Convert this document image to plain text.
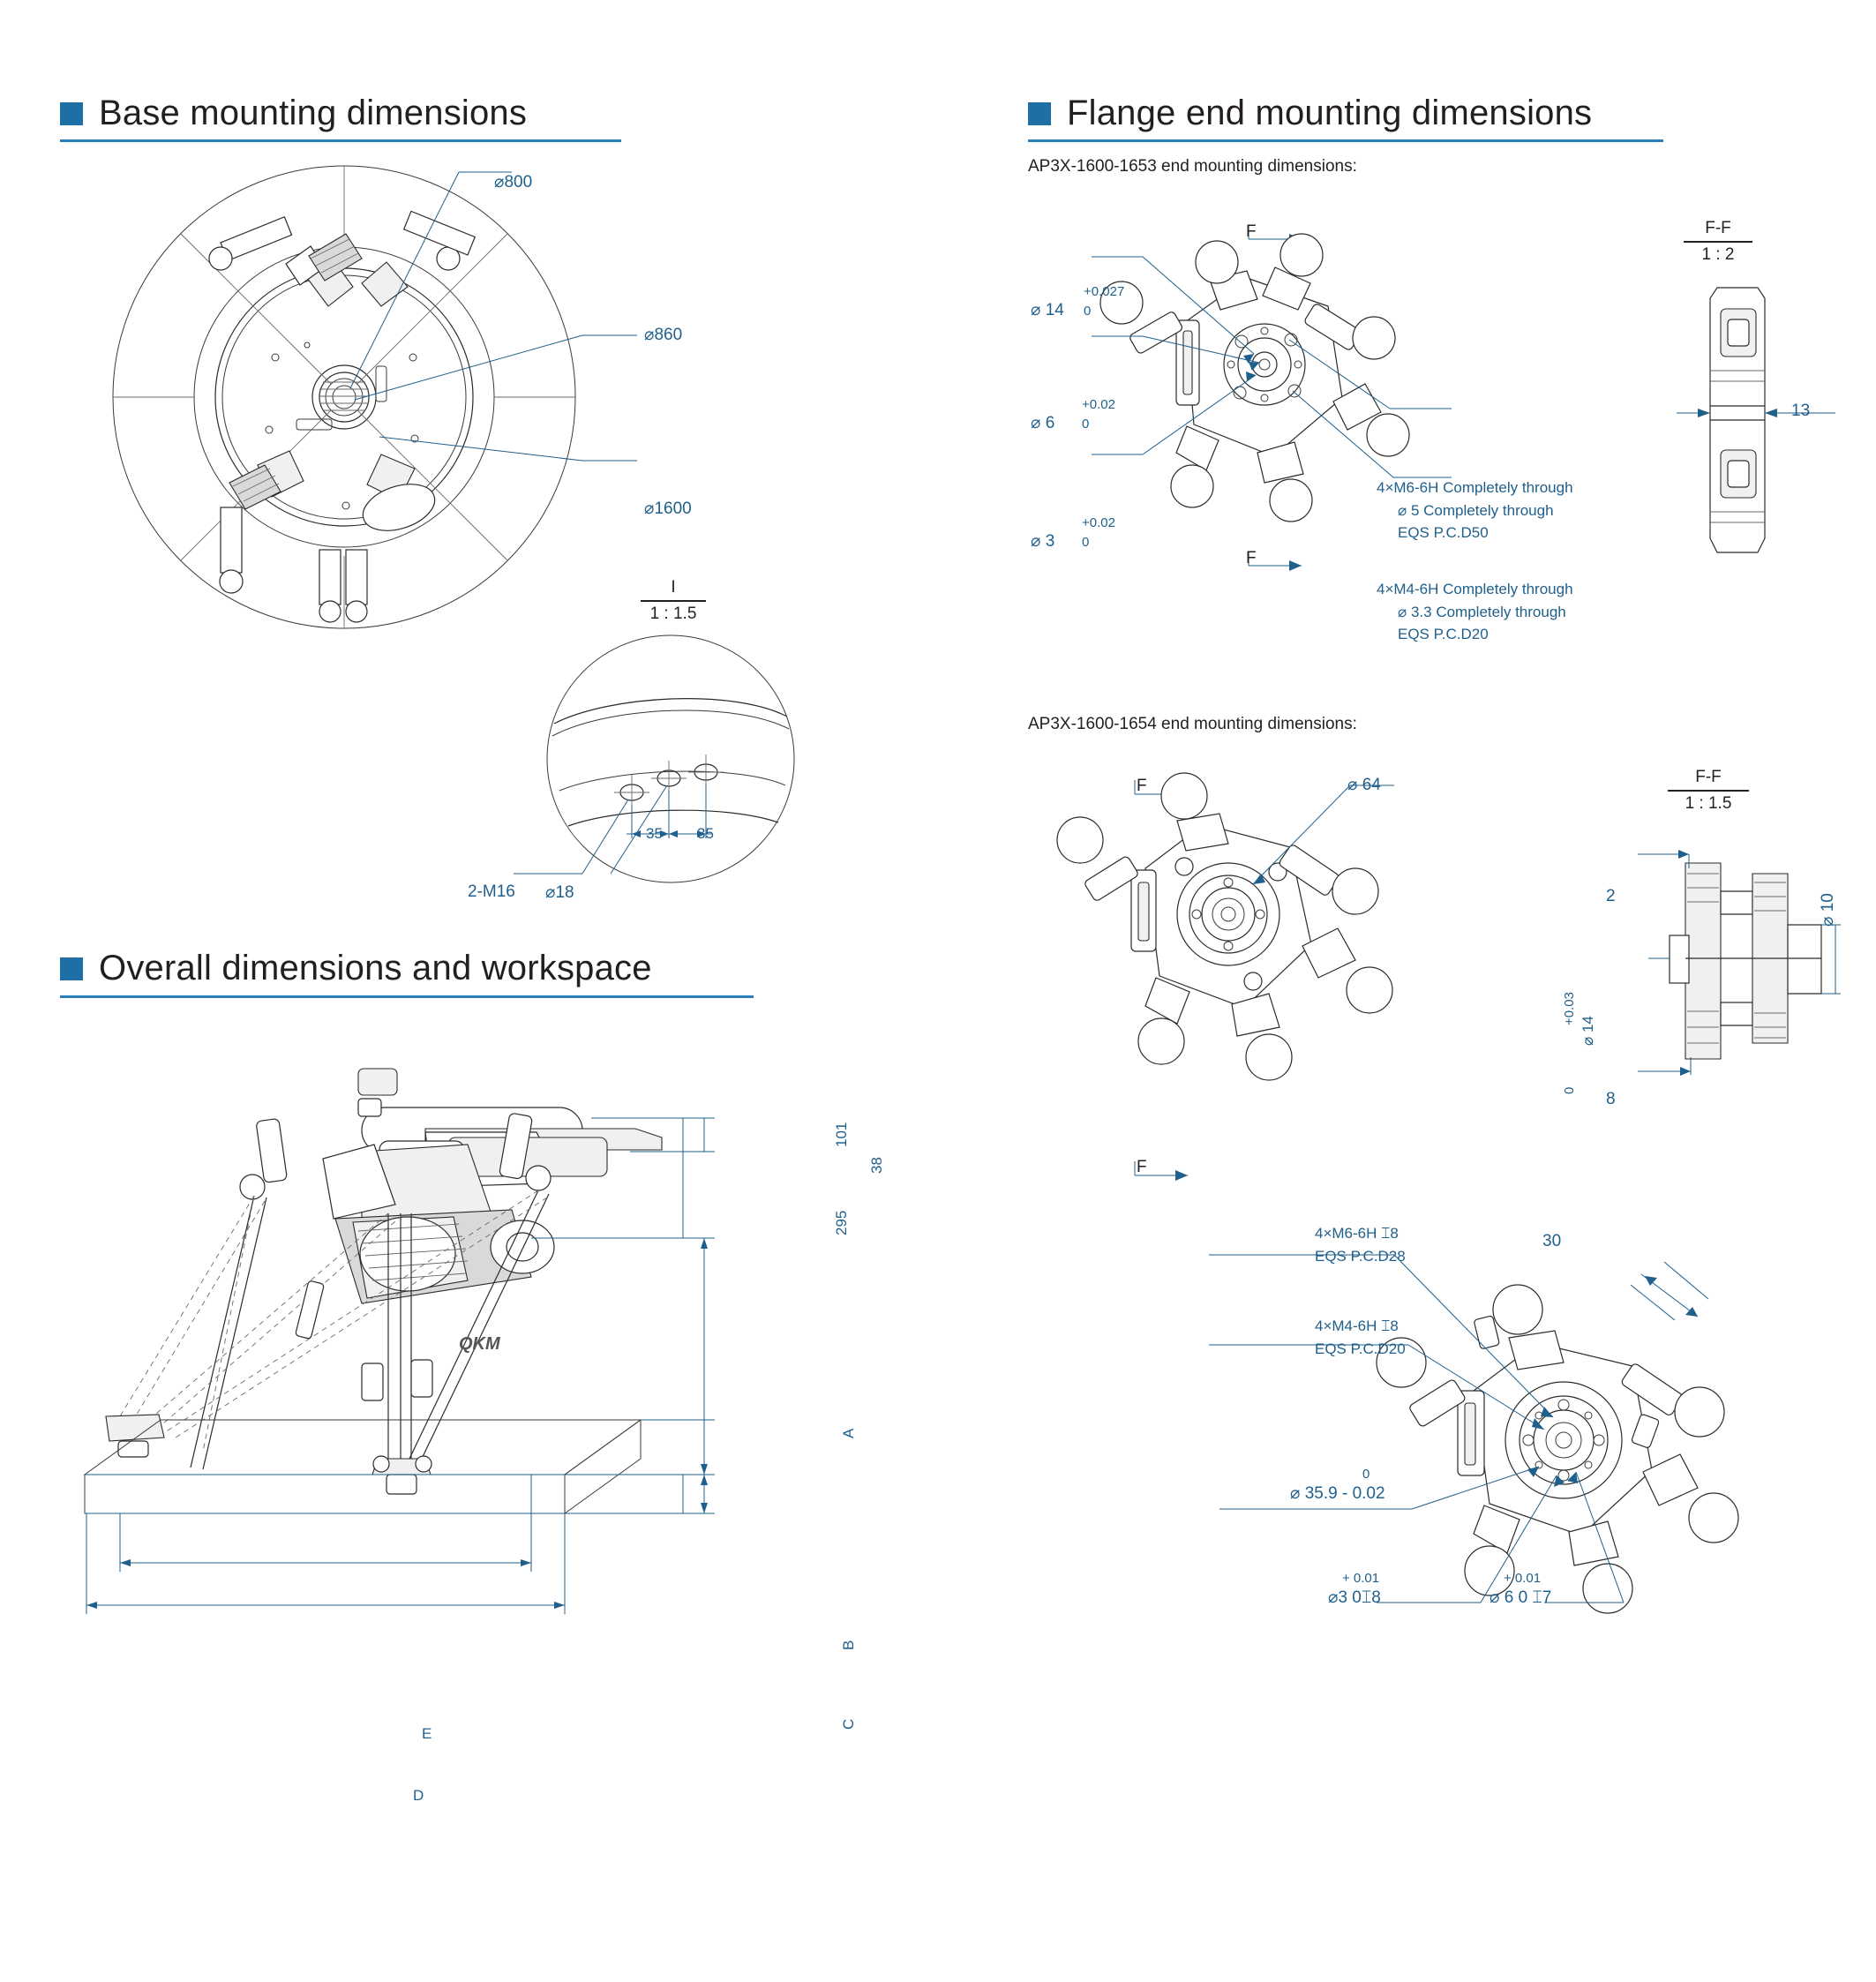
Base mounting dimensions	Flange end mounting dimensions
Overall dimensions and workspace
⌀800
⌀860
⌀1600
I
1 : 1.5
35 35
2-M16 ⌀18
101
38
295
A
B
C
E
D
QKM
AP3X-1600-1653 end mounting dimensions:
F
F
+0.027
0
⌀ 14
+0.02
0
⌀ 6
+0.02
0
⌀ 3
4×M6-6H Completely through
⌀ 5 Completely through
EQS P.C.D50
4×M4-6H Completely through
⌀ 3.3 Completely through
EQS P.C.D20
F-F
1 : 2
13
AP3X-1600-1654 end mounting dimensions:
F
F
⌀ 64	F-F
1 : 1.5
2
8
⌀ 10
⌀ 14
+0.03
0
4×M6-6H ⌶8
EQS P.C.D28
4×M4-6H ⌶8
EQS P.C.D20
30
0
⌀ 35.9 - 0.02
+ 0.01
⌀3 0⌶8
+ 0.01
⌀ 6 0 ⌶7
